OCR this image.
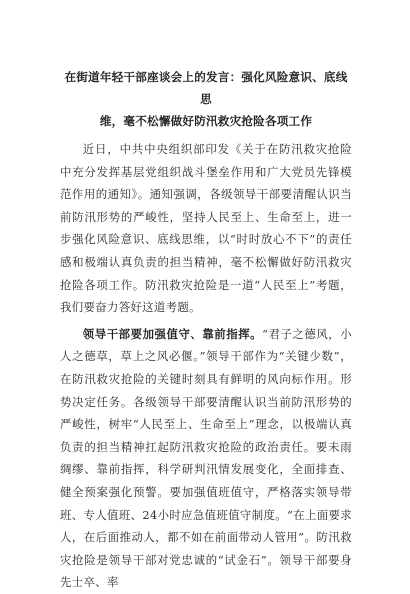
在街道年轻干部座谈会上的发言：强化风险意识、底线思
维，毫不松懈做好防汛救灾抢险各项工作

近日，中共中央组织部印发《关于在防汛救灾抢险中充分发挥基层党组织战斗堡垒作用和广大党员先锋模范作用的通知》。通知强调，各级领导干部要清醒认识当前防汛形势的严峻性，坚持人民至上、生命至上，进一步强化风险意识、底线思维，以“时时放心不下”的责任感和极端认真负责的担当精神，毫不松懈做好防汛救灾抢险各项工作。防汛救灾抢险是一道“人民至上”考题，我们要奋力答好这道考题。

领导干部要加强值守、靠前指挥。“君子之德风，小人之德草，草上之风必偃。”领导干部作为“关键少数”，在防汛救灾抢险的关键时刻具有鲜明的风向标作用。形势决定任务。各级领导干部要清醒认识当前防汛形势的严峻性，树牢“人民至上、生命至上”理念，以极端认真负责的担当精神扛起防汛救灾抢险的政治责任。要未雨绸缪、靠前指挥，科学研判汛情发展变化，全面排查、健全预案强化预警。要加强值班值守，严格落实领导带班、专人值班、24小时应急值班值守制度。“在上面要求人，在后面推动人，都不如在前面带动人管用”。防汛救灾抢险是领导干部对党忠诚的“试金石”。领导干部要身先士卒、率
